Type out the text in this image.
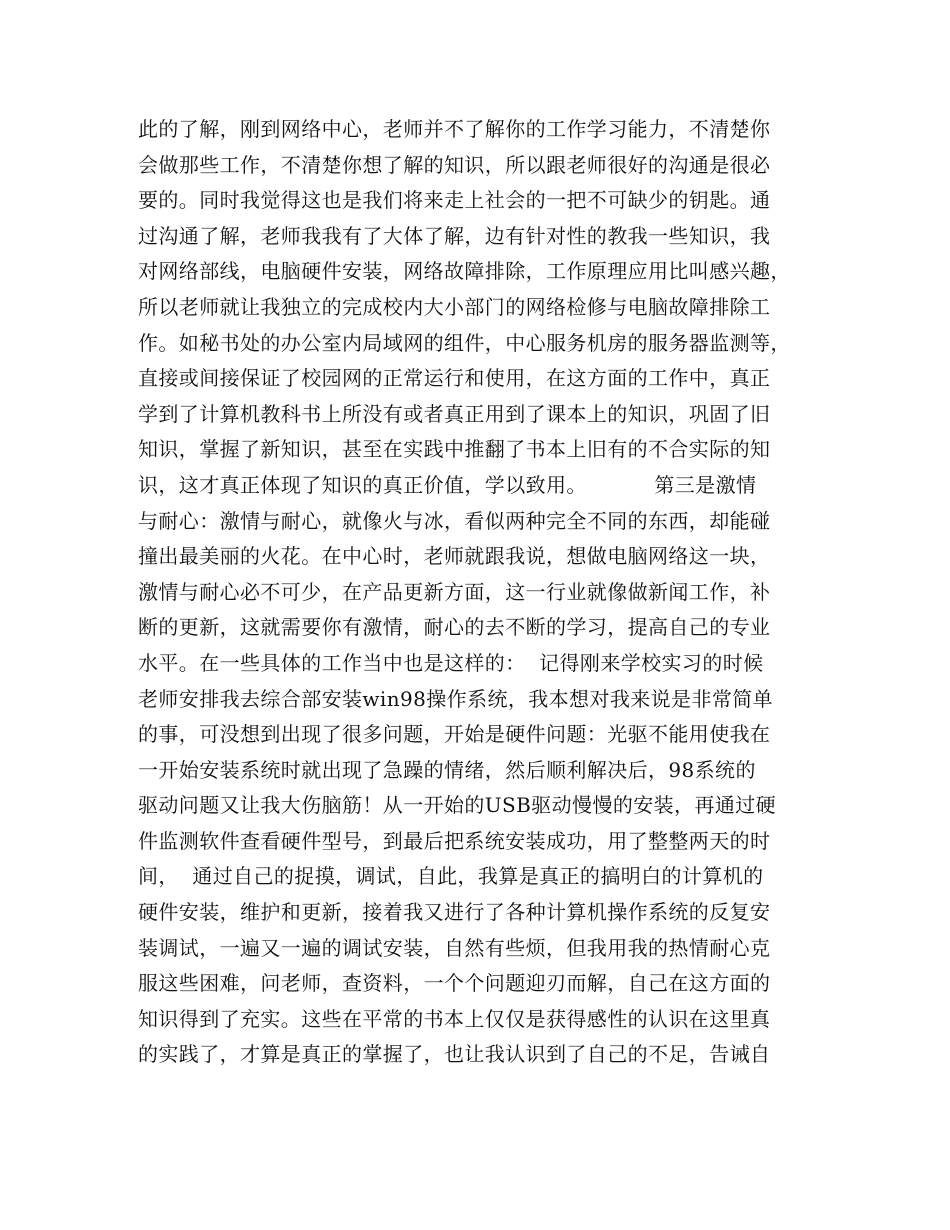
此的了解，刚到网络中心，老师并不了解你的工作学习能力，不清楚你
会做那些工作，不清楚你想了解的知识，所以跟老师很好的沟通是很必
要的。同时我觉得这也是我们将来走上社会的一把不可缺少的钥匙。通
过沟通了解，老师我我有了大体了解，边有针对性的教我一些知识，我
对网络部线，电脑硬件安装，网络故障排除，工作原理应用比叫感兴趣，
所以老师就让我独立的完成校内大小部门的网络检修与电脑故障排除工
作。如秘书处的办公室内局域网的组件，中心服务机房的服务器监测等，
直接或间接保证了校园网的正常运行和使用，在这方面的工作中，真正
学到了计算机教科书上所没有或者真正用到了课本上的知识，巩固了旧
知识，掌握了新知识，甚至在实践中推翻了书本上旧有的不合实际的知
识，这才真正体现了知识的真正价值，学以致用。          第三是激情
与耐心：激情与耐心，就像火与冰，看似两种完全不同的东西，却能碰
撞出最美丽的火花。在中心时，老师就跟我说，想做电脑网络这一块，
激情与耐心必不可少，在产品更新方面，这一行业就像做新闻工作，补
断的更新，这就需要你有激情，耐心的去不断的学习，提高自己的专业
水平。在一些具体的工作当中也是这样的：  记得刚来学校实习的时候
老师安排我去综合部安装win98操作系统，我本想对我来说是非常简单
的事，可没想到出现了很多问题，开始是硬件问题：光驱不能用使我在
一开始安装系统时就出现了急躁的情绪，然后顺利解决后，98系统的
驱动问题又让我大伤脑筋！从一开始的USB驱动慢慢的安装，再通过硬
件监测软件查看硬件型号，到最后把系统安装成功，用了整整两天的时
间，  通过自己的捉摸，调试，自此，我算是真正的搞明白的计算机的
硬件安装，维护和更新，接着我又进行了各种计算机操作系统的反复安
装调试，一遍又一遍的调试安装，自然有些烦，但我用我的热情耐心克
服这些困难，问老师，查资料，一个个问题迎刃而解，自己在这方面的
知识得到了充实。这些在平常的书本上仅仅是获得感性的认识在这里真
的实践了，才算是真正的掌握了，也让我认识到了自己的不足，告诫自
